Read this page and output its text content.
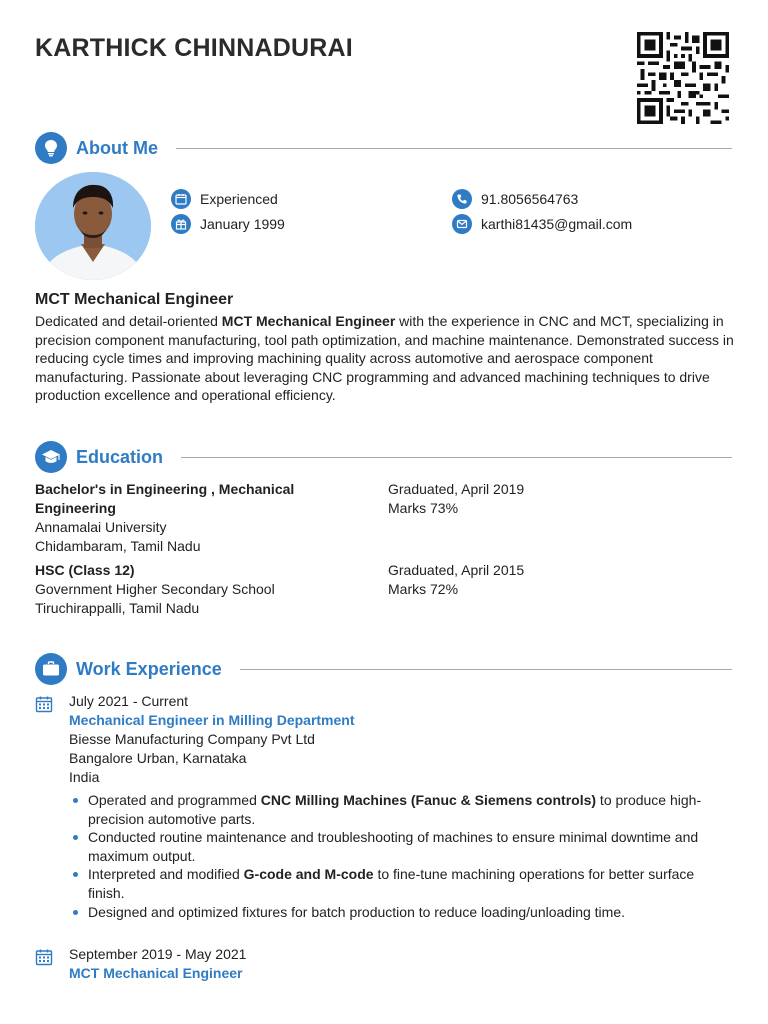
KARTHICK CHINNADURAI
About Me
Experienced
January 1999
91.8056564763
karthi81435@gmail.com
MCT Mechanical Engineer
Dedicated and detail-oriented MCT Mechanical Engineer with the experience in CNC and MCT, specializing in precision component manufacturing, tool path optimization, and machine maintenance. Demonstrated success in reducing cycle times and improving machining quality across automotive and aerospace component manufacturing. Passionate about leveraging CNC programming and advanced machining techniques to drive production excellence and operational efficiency.
Education
Bachelor's in Engineering , Mechanical Engineering
Annamalai University
Chidambaram, Tamil Nadu
Graduated, April 2019
Marks 73%
HSC (Class 12)
Government Higher Secondary School
Tiruchirappalli, Tamil Nadu
Graduated, April 2015
Marks 72%
Work Experience
July 2021 - Current
Mechanical Engineer in Milling Department
Biesse Manufacturing Company Pvt Ltd
Bangalore Urban, Karnataka
India
Operated and programmed CNC Milling Machines (Fanuc & Siemens controls) to produce high-precision automotive parts.
Conducted routine maintenance and troubleshooting of machines to ensure minimal downtime and maximum output.
Interpreted and modified G-code and M-code to fine-tune machining operations for better surface finish.
Designed and optimized fixtures for batch production to reduce loading/unloading time.
September 2019 - May 2021
MCT Mechanical Engineer
